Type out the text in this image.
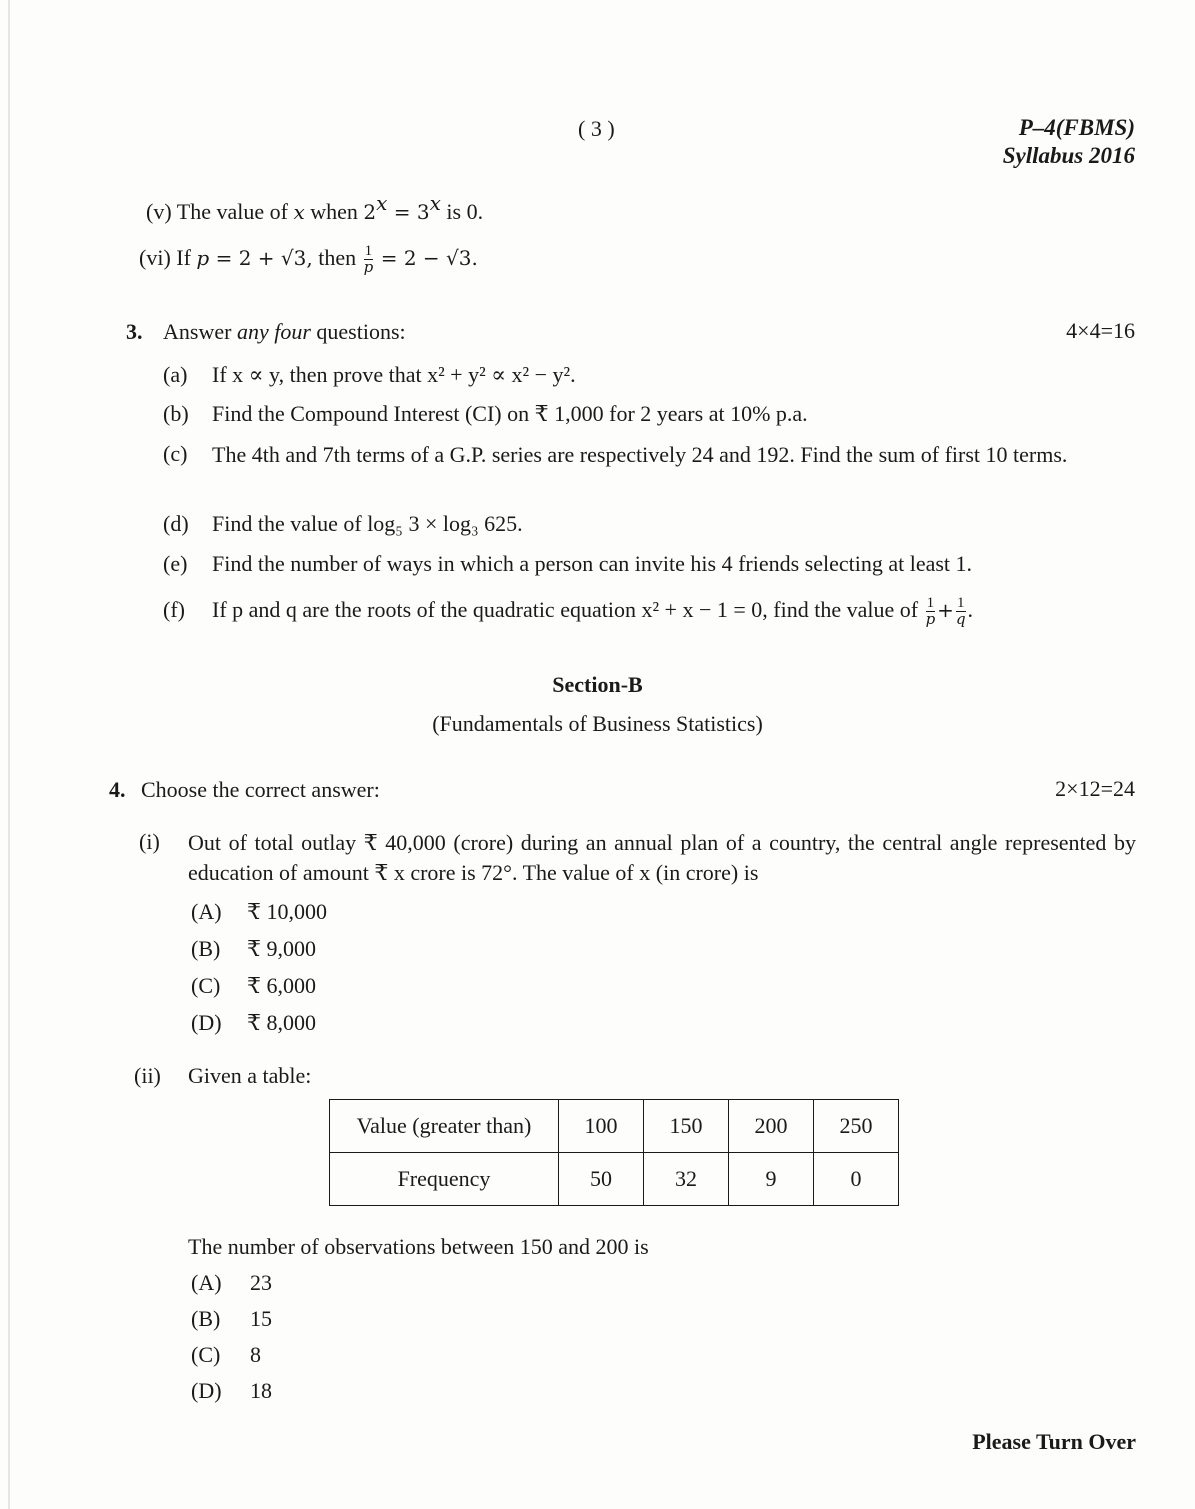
( 3 )	P–4(FBMS)
Syllabus 2016
(v) The value of x when $2^x = 3^x$ is 0.
(vi) If p = 2 + √3, then $\frac{1}{p} = 2 - √3$.
3. Answer any four questions:	4×4=16
(a) If x ∝ y, then prove that x² + y² ∝ x² − y².
(b) Find the Compound Interest (CI) on ₹ 1,000 for 2 years at 10% p.a.
(c) The 4th and 7th terms of a G.P. series are respectively 24 and 192. Find the sum of first 10 terms.
(d) Find the value of log₅ 3 × log₃ 625.
(e) Find the number of ways in which a person can invite his 4 friends selecting at least 1.
(f) If p and q are the roots of the quadratic equation x² + x − 1 = 0, find the value of $\frac{1}{p} + \frac{1}{q}$ .
Section-B
(Fundamentals of Business Statistics)
4. Choose the correct answer:	2×12=24
(i) Out of total outlay ₹ 40,000 (crore) during an annual plan of a country, the central angle represented by education of amount ₹ x crore is 72°. The value of x (in crore) is
(A) ₹ 10,000
(B) ₹ 9,000
(C) ₹ 6,000
(D) ₹ 8,000
(ii) Given a table:
Value (greater than)	100	150	200	250
Frequency	50	32	9	0
The number of observations between 150 and 200 is
(A) 23
(B) 15
(C) 8
(D) 18
Please Turn Over
